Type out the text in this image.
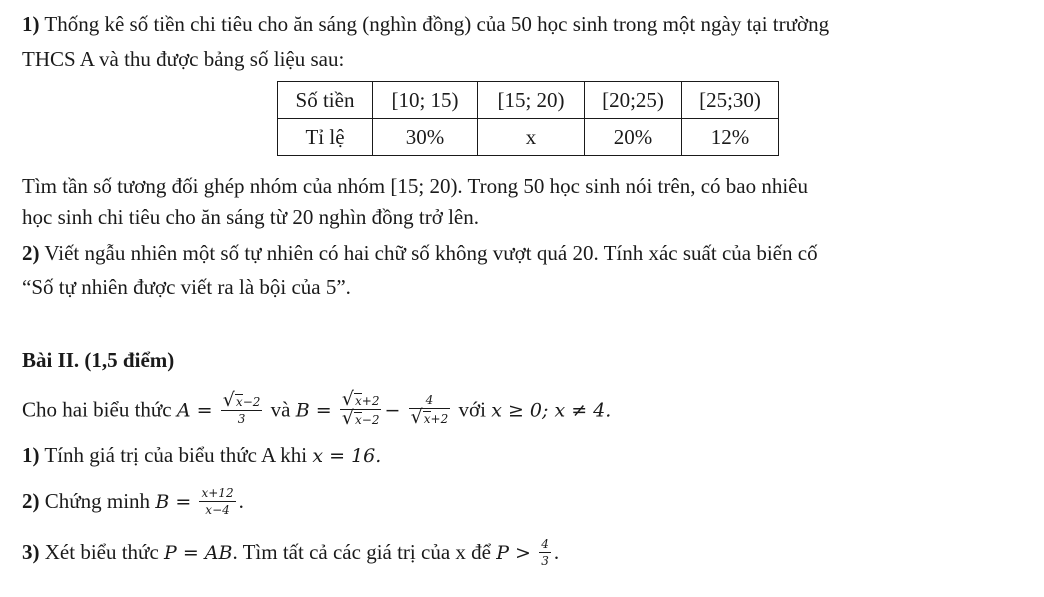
1) Thống kê số tiền chi tiêu cho ăn sáng (nghìn đồng) của 50 học sinh trong một ngày tại trường
THCS A và thu được bảng số liệu sau:
Số tiền	[10; 15)	[15; 20)	[20;25)	[25;30)
Tỉ lệ	30%	x	20%	12%
Tìm tần số tương đối ghép nhóm của nhóm [15; 20). Trong 50 học sinh nói trên, có bao nhiêu
học sinh chi tiêu cho ăn sáng từ 20 nghìn đồng trở lên.
2) Viết ngẫu nhiên một số tự nhiên có hai chữ số không vượt quá 20. Tính xác suất của biến cố
“Số tự nhiên được viết ra là bội của 5”.
Bài II. (1,5 điểm)
Cho hai biểu thức $A = \frac{√x-2}{3}$ và $B = \frac{√x+2}{√x-2} - \frac{4}{√x+2}$ với x ≥ 0; x ≠ 4.
1) Tính giá trị của biểu thức A khi x = 16.
2) Chứng minh $B = \frac{x+12}{x-4}$ .
3) Xét biểu thức P = AB. Tìm tất cả các giá trị của x để $P > \frac{4}{3}$ .
